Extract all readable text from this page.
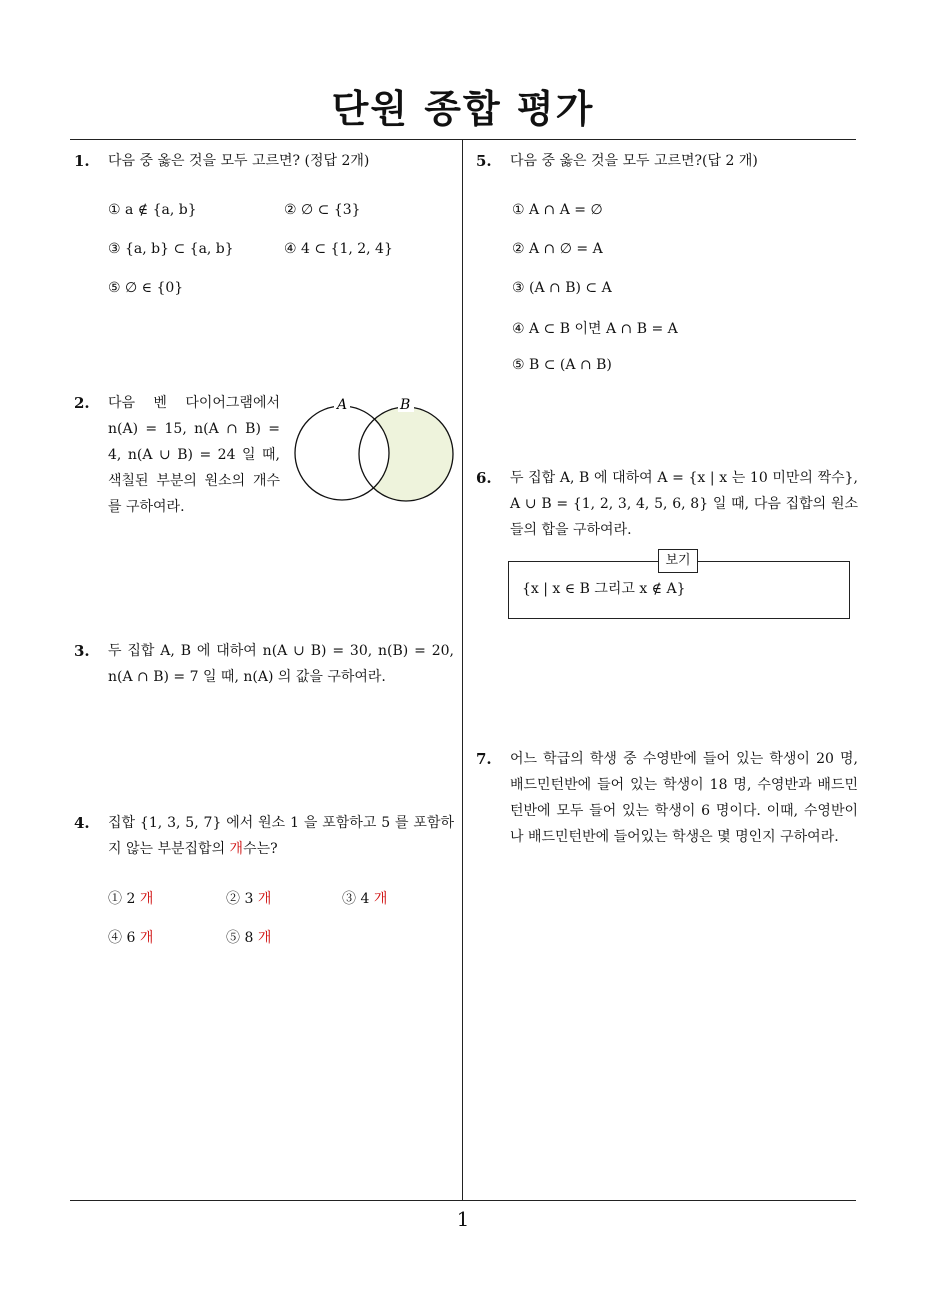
단원 종합 평가
1
1. 다음 중 옳은 것을 모두 고르면? (정답 2개)
① a ∉ {a, b}	② ∅ ⊂ {3}
③ {a, b} ⊂ {a, b}	④ 4 ⊂ {1, 2, 4}
⑤ ∅ ∈ {0}
2. 다음 벤 다이어그램에서 n(A) = 15, n(A ∩ B) = 4, n(A ∪ B) = 24 일 때, 색칠된 부분의 원소의 개수를 구하여라.
A	B
3. 두 집합 A, B 에 대하여 n(A ∪ B) = 30, n(B) = 20, n(A ∩ B) = 7 일 때, n(A) 의 값을 구하여라.
4. 집합 {1, 3, 5, 7} 에서 원소 1 을 포함하고 5 를 포함하지 않는 부분집합의 개수는?
① 2 개	② 3 개	③ 4 개
④ 6 개	⑤ 8 개
5. 다음 중 옳은 것을 모두 고르면?(답 2 개)
① A ∩ A = ∅
② A ∩ ∅ = A
③ (A ∩ B) ⊂ A
④ A ⊂ B 이면 A ∩ B = A
⑤ B ⊂ (A ∩ B)
6. 두 집합 A, B 에 대하여 A = {x | x 는 10 미만의 짝수}, A ∪ B = {1, 2, 3, 4, 5, 6, 8} 일 때, 다음 집합의 원소들의 합을 구하여라.
보기
{x | x ∈ B 그리고 x ∉ A}
7. 어느 학급의 학생 중 수영반에 들어 있는 학생이 20 명, 배드민턴반에 들어 있는 학생이 18 명, 수영반과 배드민턴반에 모두 들어 있는 학생이 6 명이다. 이때, 수영반이나 배드민턴반에 들어있는 학생은 몇 명인지 구하여라.
